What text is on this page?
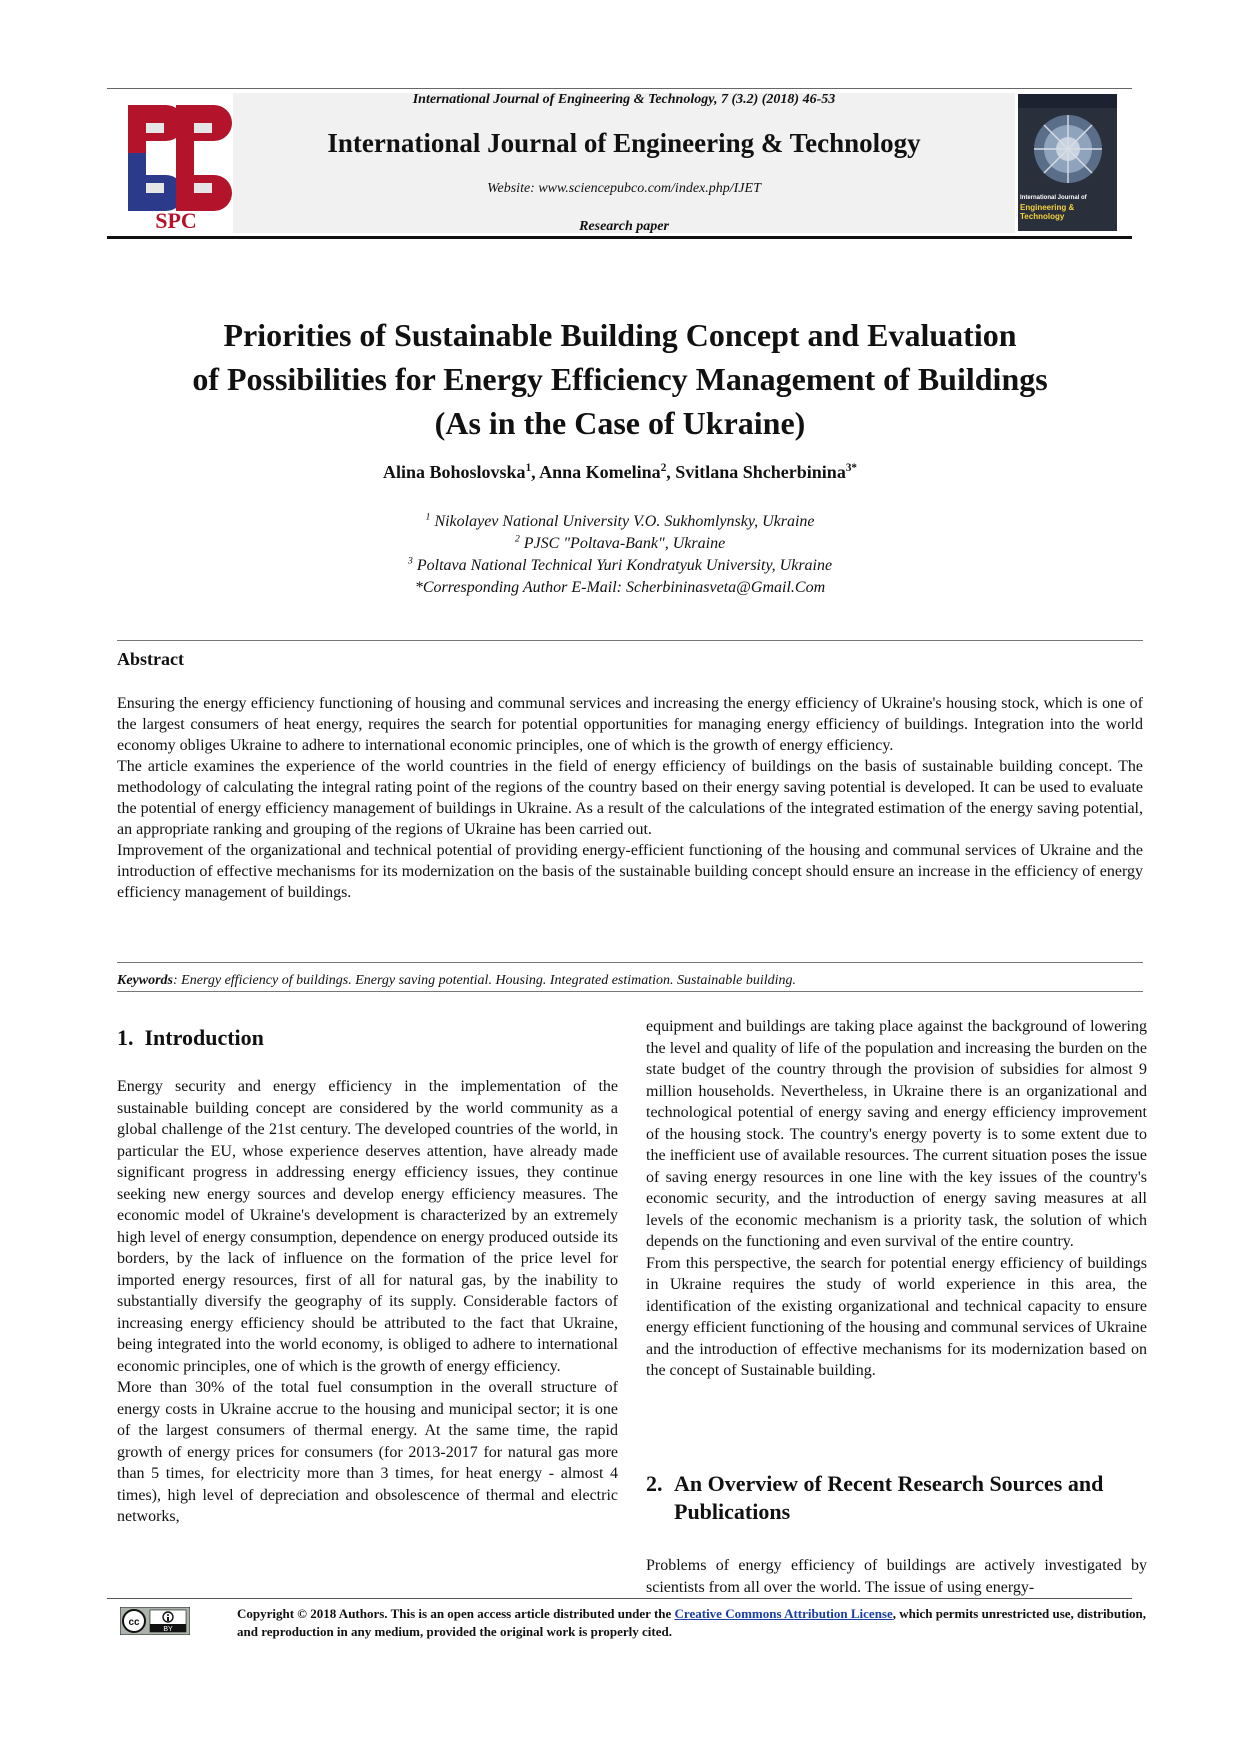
SPC
International Journal of Engineering & Technology, 7 (3.2) (2018) 46-53
International Journal of Engineering & Technology
Website: www.sciencepubco.com/index.php/IJET
Research paper
International Journal of
Engineering & Technology
Priorities of Sustainable Building Concept and Evaluation
of Possibilities for Energy Efficiency Management of Buildings
(As in the Case of Ukraine)
Alina Bohoslovska$^1$, Anna Komelina$^2$, Svitlana Shcherbinina$^{3*}$
$^1$ Nikolayev National University V.O. Sukhomlynsky, Ukraine
$^2$ PJSC "Poltava-Bank", Ukraine
$^3$ Poltava National Technical Yuri Kondratyuk University, Ukraine
*Corresponding Author E-Mail: Scherbininasveta@Gmail.Com
Abstract

Ensuring the energy efficiency functioning of housing and communal services and increasing the energy efficiency of Ukraine's housing stock, which is one of the largest consumers of heat energy, requires the search for potential opportunities for managing energy efficiency of buildings. Integration into the world economy obliges Ukraine to adhere to international economic principles, one of which is the growth of energy efficiency.

The article examines the experience of the world countries in the field of energy efficiency of buildings on the basis of sustainable building concept. The methodology of calculating the integral rating point of the regions of the country based on their energy saving potential is developed. It can be used to evaluate the potential of energy efficiency management of buildings in Ukraine. As a result of the calculations of the integrated estimation of the energy saving potential, an appropriate ranking and grouping of the regions of Ukraine has been carried out.

Improvement of the organizational and technical potential of providing energy-efficient functioning of the housing and communal services of Ukraine and the introduction of effective mechanisms for its modernization on the basis of the sustainable building concept should ensure an increase in the efficiency of energy efficiency management of buildings.

Keywords: Energy efficiency of buildings. Energy saving potential. Housing. Integrated estimation. Sustainable building.
1. Introduction

Energy security and energy efficiency in the implementation of the sustainable building concept are considered by the world community as a global challenge of the 21st century. The developed countries of the world, in particular the EU, whose experience deserves attention, have already made significant progress in addressing energy efficiency issues, they continue seeking new energy sources and develop energy efficiency measures. The economic model of Ukraine's development is characterized by an extremely high level of energy consumption, dependence on energy produced outside its borders, by the lack of influence on the formation of the price level for imported energy resources, first of all for natural gas, by the inability to substantially diversify the geography of its supply. Considerable factors of increasing energy efficiency should be attributed to the fact that Ukraine, being integrated into the world economy, is obliged to adhere to international economic principles, one of which is the growth of energy efficiency.

More than 30% of the total fuel consumption in the overall structure of energy costs in Ukraine accrue to the housing and municipal sector; it is one of the largest consumers of thermal energy. At the same time, the rapid growth of energy prices for consumers (for 2013-2017 for natural gas more than 5 times, for electricity more than 3 times, for heat energy - almost 4 times), high level of depreciation and obsolescence of thermal and electric networks,

equipment and buildings are taking place against the background of lowering the level and quality of life of the population and increasing the burden on the state budget of the country through the provision of subsidies for almost 9 million households. Nevertheless, in Ukraine there is an organizational and technological potential of energy saving and energy efficiency improvement of the housing stock. The country's energy poverty is to some extent due to the inefficient use of available resources. The current situation poses the issue of saving energy resources in one line with the key issues of the country's economic security, and the introduction of energy saving measures at all levels of the economic mechanism is a priority task, the solution of which depends on the functioning and even survival of the entire country.

From this perspective, the search for potential energy efficiency of buildings in Ukraine requires the study of world experience in this area, the identification of the existing organizational and technical capacity to ensure energy efficient functioning of the housing and communal services of Ukraine and the introduction of effective mechanisms for its modernization based on the concept of Sustainable building.

2. An Overview of Recent Research Sources and Publications

Problems of energy efficiency of buildings are actively investigated by scientists from all over the world. The issue of using energy-

cc
BY
Copyright © 2018 Authors. This is an open access article distributed under the Creative Commons Attribution License, which permits unrestricted use, distribution, and reproduction in any medium, provided the original work is properly cited.
